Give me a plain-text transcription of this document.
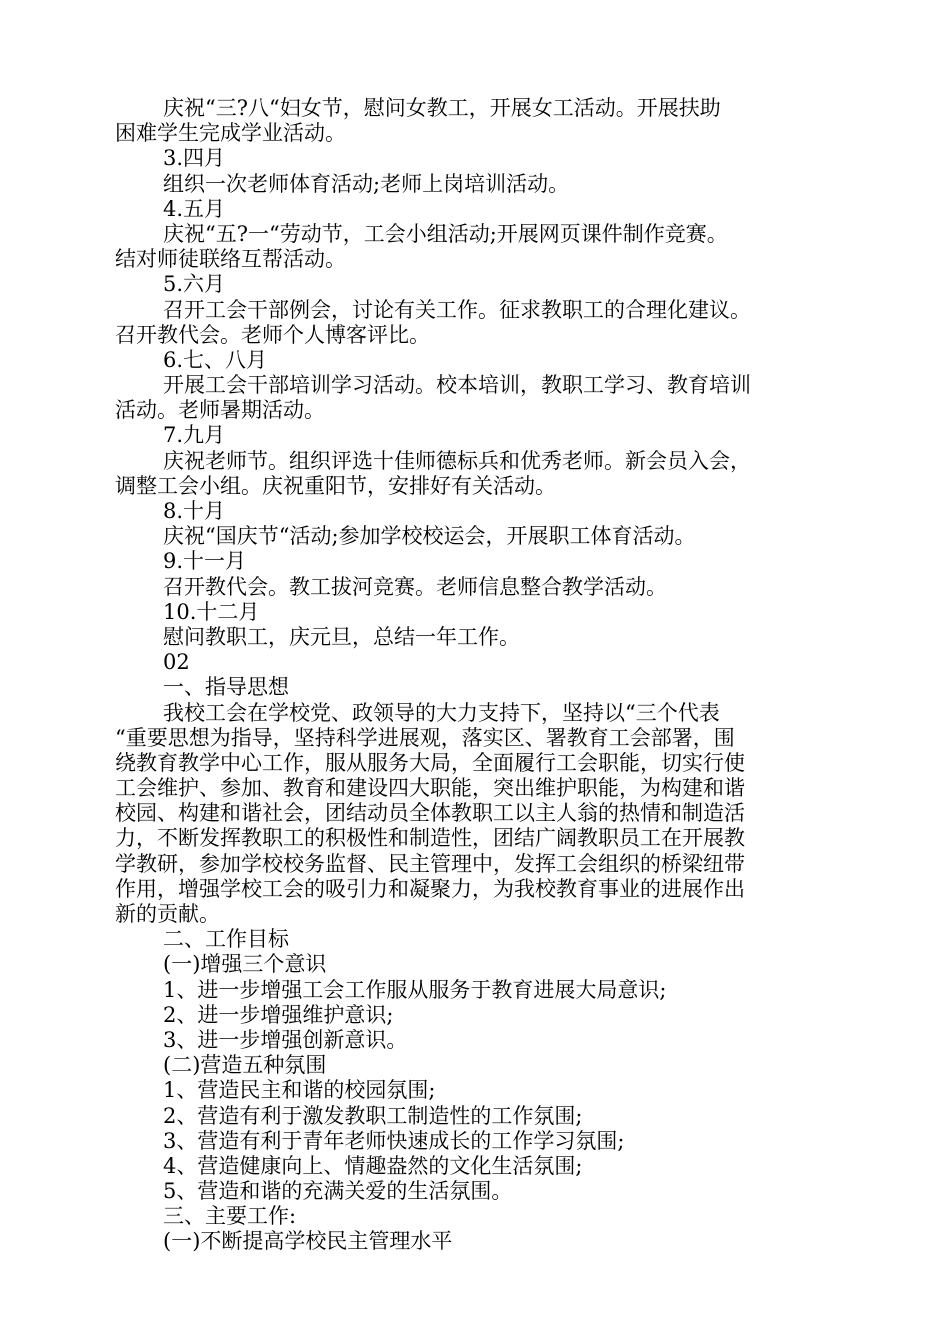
庆祝“三?八“妇女节，慰问女教工，开展女工活动。开展扶助
困难学生完成学业活动。
3.四月
组织一次老师体育活动;老师上岗培训活动。
4.五月
庆祝“五?一“劳动节，工会小组活动;开展网页课件制作竞赛。
结对师徒联络互帮活动。
5.六月
召开工会干部例会，讨论有关工作。征求教职工的合理化建议。
召开教代会。老师个人博客评比。
6.七、八月
开展工会干部培训学习活动。校本培训，教职工学习、教育培训
活动。老师暑期活动。
7.九月
庆祝老师节。组织评选十佳师德标兵和优秀老师。新会员入会，
调整工会小组。庆祝重阳节，安排好有关活动。
8.十月
庆祝“国庆节“活动;参加学校校运会，开展职工体育活动。
9.十一月
召开教代会。教工拔河竞赛。老师信息整合教学活动。
10.十二月
慰问教职工，庆元旦，总结一年工作。
02
一、指导思想
我校工会在学校党、政领导的大力支持下，坚持以“三个代表
“重要思想为指导，坚持科学进展观，落实区、署教育工会部署，围
绕教育教学中心工作，服从服务大局，全面履行工会职能，切实行使
工会维护、参加、教育和建设四大职能，突出维护职能，为构建和谐
校园、构建和谐社会，团结动员全体教职工以主人翁的热情和制造活
力，不断发挥教职工的积极性和制造性，团结广阔教职员工在开展教
学教研，参加学校校务监督、民主管理中，发挥工会组织的桥梁纽带
作用，增强学校工会的吸引力和凝聚力，为我校教育事业的进展作出
新的贡献。
二、工作目标
(一)增强三个意识
1、进一步增强工会工作服从服务于教育进展大局意识;
2、进一步增强维护意识;
3、进一步增强创新意识。
(二)营造五种氛围
1、营造民主和谐的校园氛围;
2、营造有利于激发教职工制造性的工作氛围;
3、营造有利于青年老师快速成长的工作学习氛围;
4、营造健康向上、情趣盎然的文化生活氛围;
5、营造和谐的充满关爱的生活氛围。
三、主要工作:
(一)不断提高学校民主管理水平
